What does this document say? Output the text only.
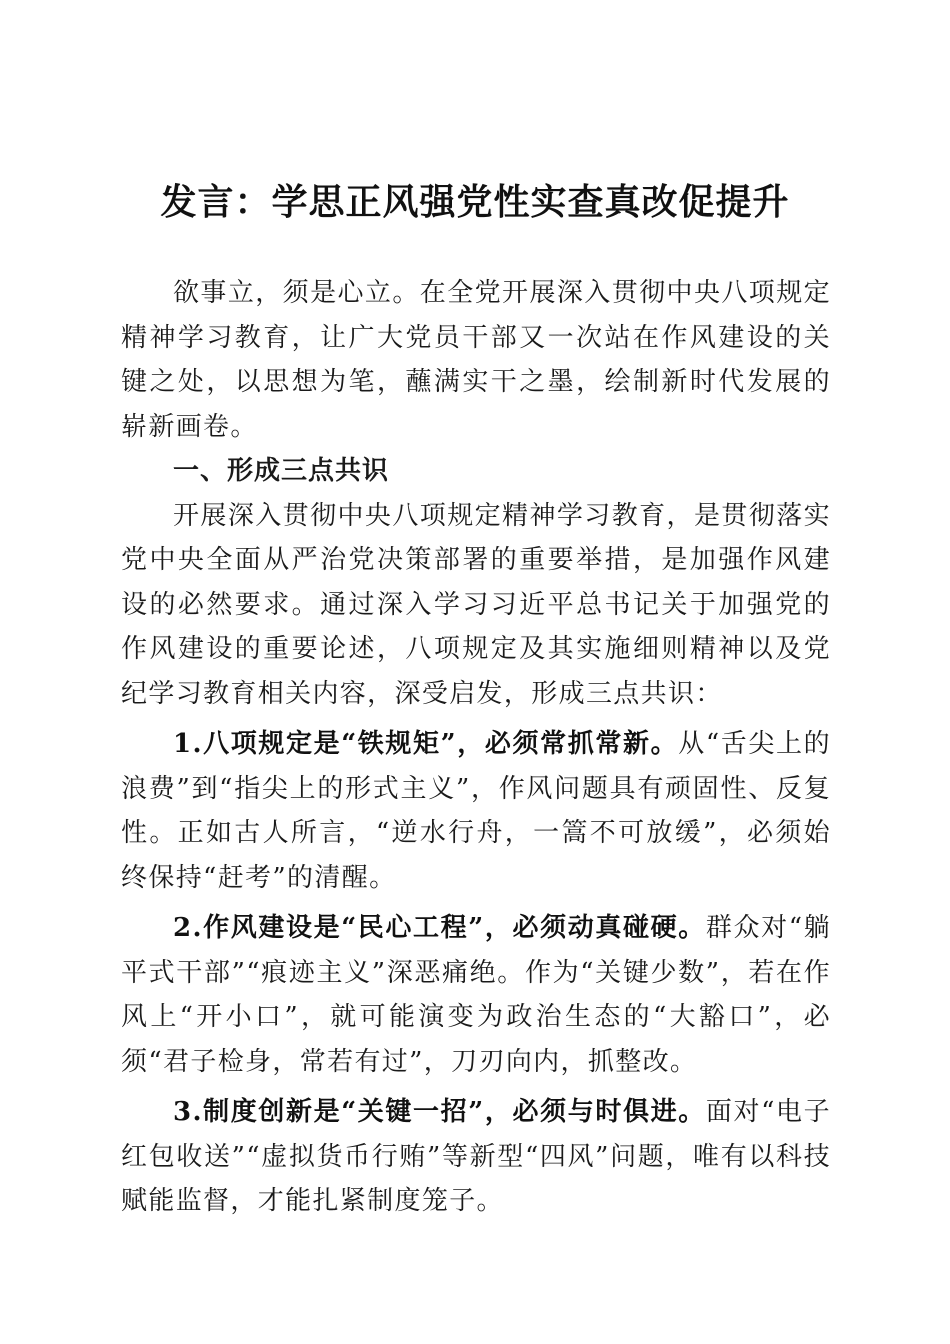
发言：学思正风强党性实查真改促提升

欲事立，须是心立。在全党开展深入贯彻中央八项规定精神学习教育，让广大党员干部又一次站在作风建设的关键之处，以思想为笔，蘸满实干之墨，绘制新时代发展的崭新画卷。

一、形成三点共识

开展深入贯彻中央八项规定精神学习教育，是贯彻落实党中央全面从严治党决策部署的重要举措，是加强作风建设的必然要求。通过深入学习习近平总书记关于加强党的作风建设的重要论述，八项规定及其实施细则精神以及党纪学习教育相关内容，深受启发，形成三点共识：

1.八项规定是“铁规矩”，必须常抓常新。从“舌尖上的浪费”到“指尖上的形式主义”，作风问题具有顽固性、反复性。正如古人所言，“逆水行舟，一篙不可放缓”，必须始终保持“赶考”的清醒。

2.作风建设是“民心工程”，必须动真碰硬。群众对“躺平式干部”“痕迹主义”深恶痛绝。作为“关键少数”，若在作风上“开小口”，就可能演变为政治生态的“大豁口”，必须“君子检身，常若有过”，刀刃向内，抓整改。

3.制度创新是“关键一招”，必须与时俱进。面对“电子红包收送”“虚拟货币行贿”等新型“四风”问题，唯有以科技赋能监督，才能扎紧制度笼子。
